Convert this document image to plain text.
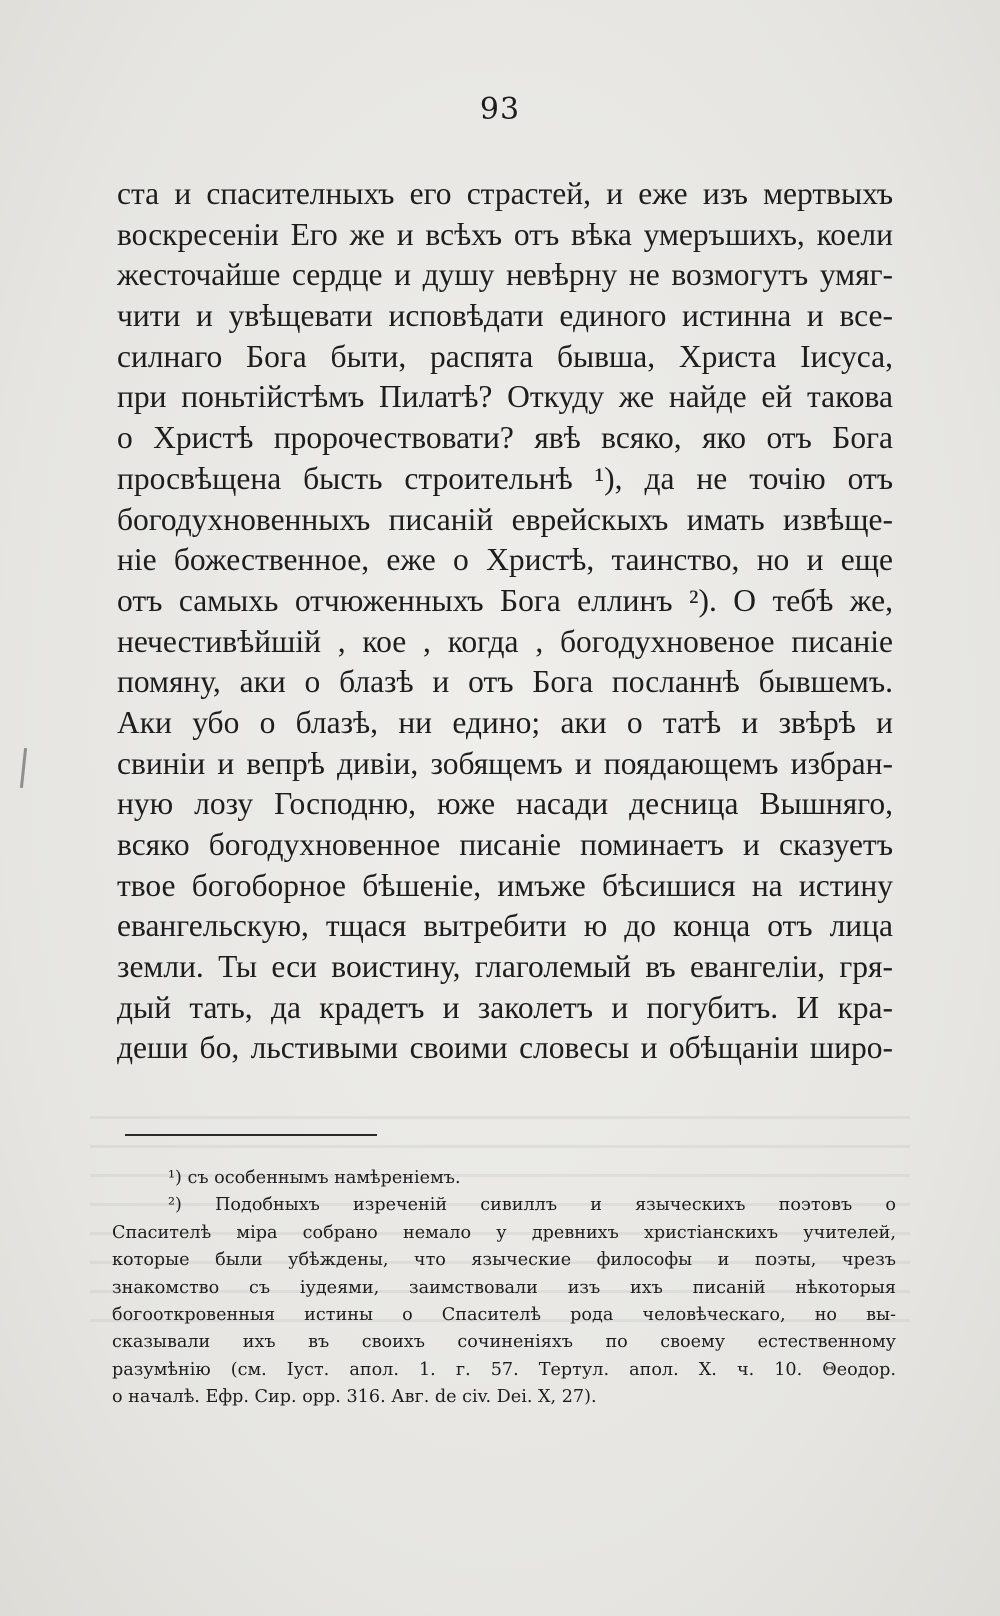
93
ста и спасителныхъ его страстей, и еже изъ мертвыхъ
воскресенiи Его же и всѣхъ отъ вѣка умеръшихъ, коели
жесточайше сердце и душу невѣрну не возмогутъ умяг-
чити и увѣщевати исповѣдати единого истинна и все-
силнаго Бога быти, распята бывша, Христа Iисуса,
при поньтiйстѣмъ Пилатѣ? Откуду же найде ей такова
о Христѣ пророчествовати? явѣ всяко, яко отъ Бога
просвѣщена бысть строительнѣ ¹), да не точiю отъ
богодухновенныхъ писанiй еврейскыхъ имать извѣще-
нiе божественное, еже о Христѣ, таинство, но и еще
отъ самыхь отчюженныхъ Бога еллинъ ²). О тебѣ же,
нечестивѣйшiй , кое , когда , богодухновеное писанiе
помяну, аки о блазѣ и отъ Бога посланнѣ бывшемъ.
Аки убо о блазѣ, ни едино; аки о татѣ и звѣрѣ и
свинiи и вепрѣ дивiи, зобящемъ и поядающемъ избран-
ную лозу Господню, юже насади десница Вышняго,
всяко богодухновенное писанiе поминаетъ и сказуетъ
твое богоборное бѣшенiе, имъже бѣсишися на истину
евангельскую, тщася вытребити ю до конца отъ лица
земли. Ты еси воистину, глаголемый въ евангелiи, гря-
дый тать, да крадетъ и заколетъ и погубитъ. И кра-
деши бо, льстивыми своими словесы и обѣщанiи широ-
¹) съ особеннымъ намѣренiемъ.
²) Подобныхъ изреченiй сивиллъ и языческихъ поэтовъ о
Спасителѣ мiра собрано немало у древнихъ христiанскихъ учителей,
которые были убѣждены, что языческие философы и поэты, чрезъ
знакомство съ iудеями, заимствовали изъ ихъ писанiй нѣкоторыя
богооткровенныя истины о Спасителѣ рода человѣческаго, но вы-
сказывали ихъ въ своихъ сочиненiяхъ по своему естественному
разумѣнiю (см. Iуст. апол. 1. г. 57. Тертул. апол. X. ч. 10. Θеодор.
о началѣ. Ефр. Сир. opp. 316. Авг. de civ. Dei. X, 27).
